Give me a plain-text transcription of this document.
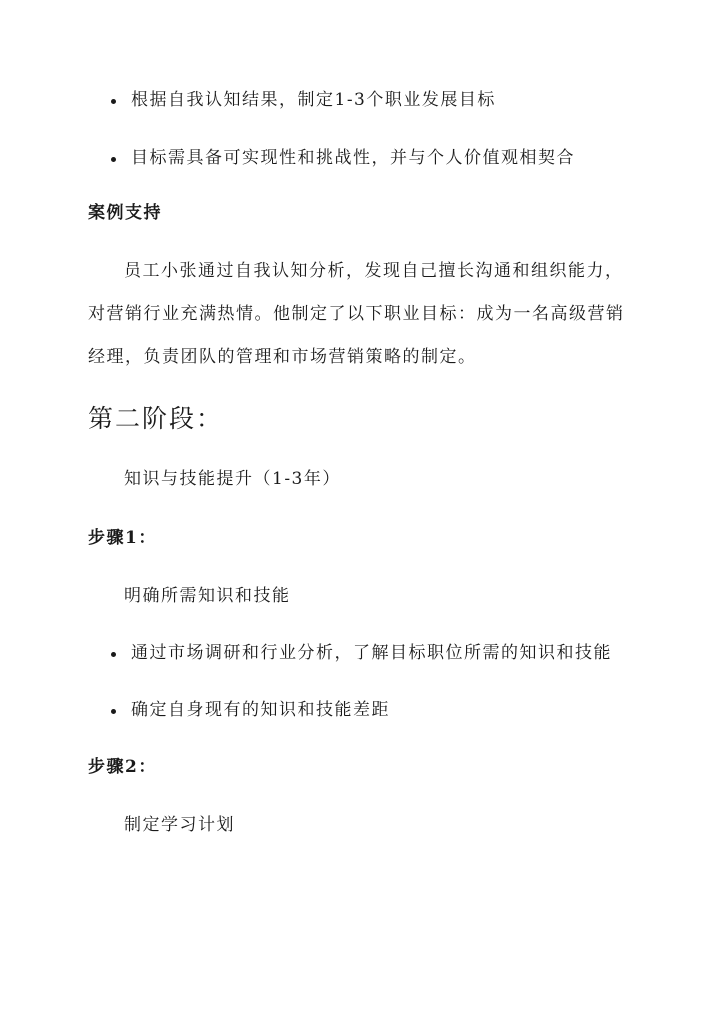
根据自我认知结果，制定1-3个职业发展目标
目标需具备可实现性和挑战性，并与个人价值观相契合
案例支持
员工小张通过自我认知分析，发现自己擅长沟通和组织能力，
对营销行业充满热情。他制定了以下职业目标：成为一名高级营销
经理，负责团队的管理和市场营销策略的制定。
第二阶段：
知识与技能提升（1-3年）
步骤1：
明确所需知识和技能
通过市场调研和行业分析，了解目标职位所需的知识和技能
确定自身现有的知识和技能差距
步骤2：
制定学习计划
